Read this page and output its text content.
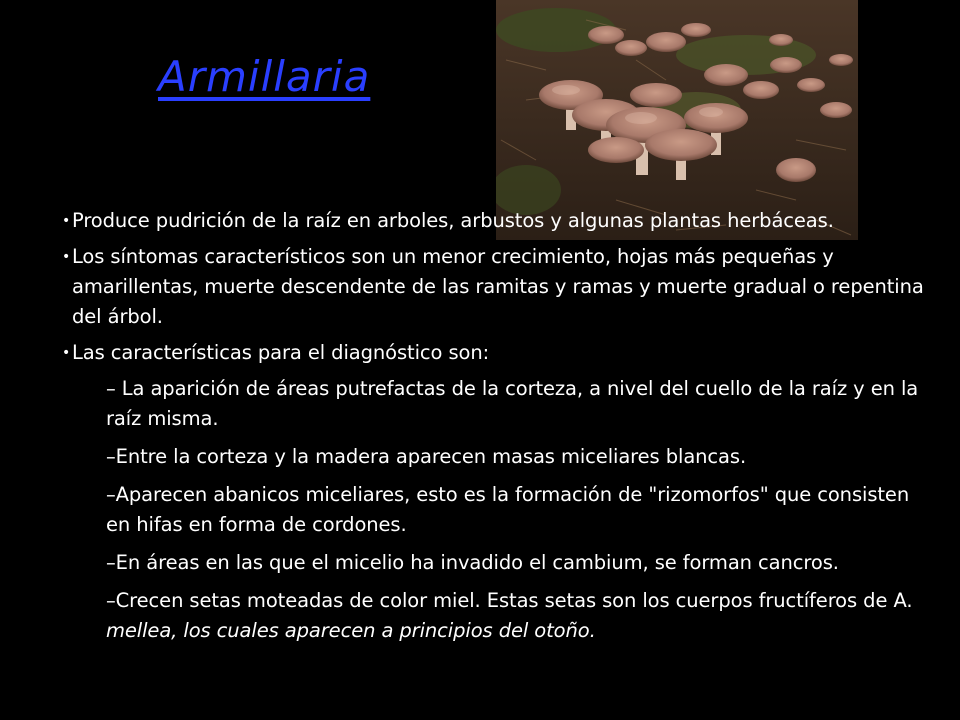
Armillaria

• Produce pudrición de la raíz en arboles, arbustos y algunas plantas herbáceas.

• Los síntomas característicos son un menor crecimiento, hojas más pequeñas y amarillentas, muerte descendente de las ramitas y ramas y muerte gradual o repentina del árbol.

• Las características para el diagnóstico son:

– La aparición de áreas putrefactas de la corteza, a nivel del cuello de la raíz y en la raíz misma.

–Entre la corteza y la madera aparecen masas miceliares blancas.

–Aparecen abanicos miceliares, esto es la formación de "rizomorfos" que consisten en hifas en forma de cordones.

–En áreas en las que el micelio ha invadido el cambium, se forman cancros.

–Crecen setas moteadas de color miel. Estas setas son los cuerpos fructíferos de A. mellea, los cuales aparecen a principios del otoño.
